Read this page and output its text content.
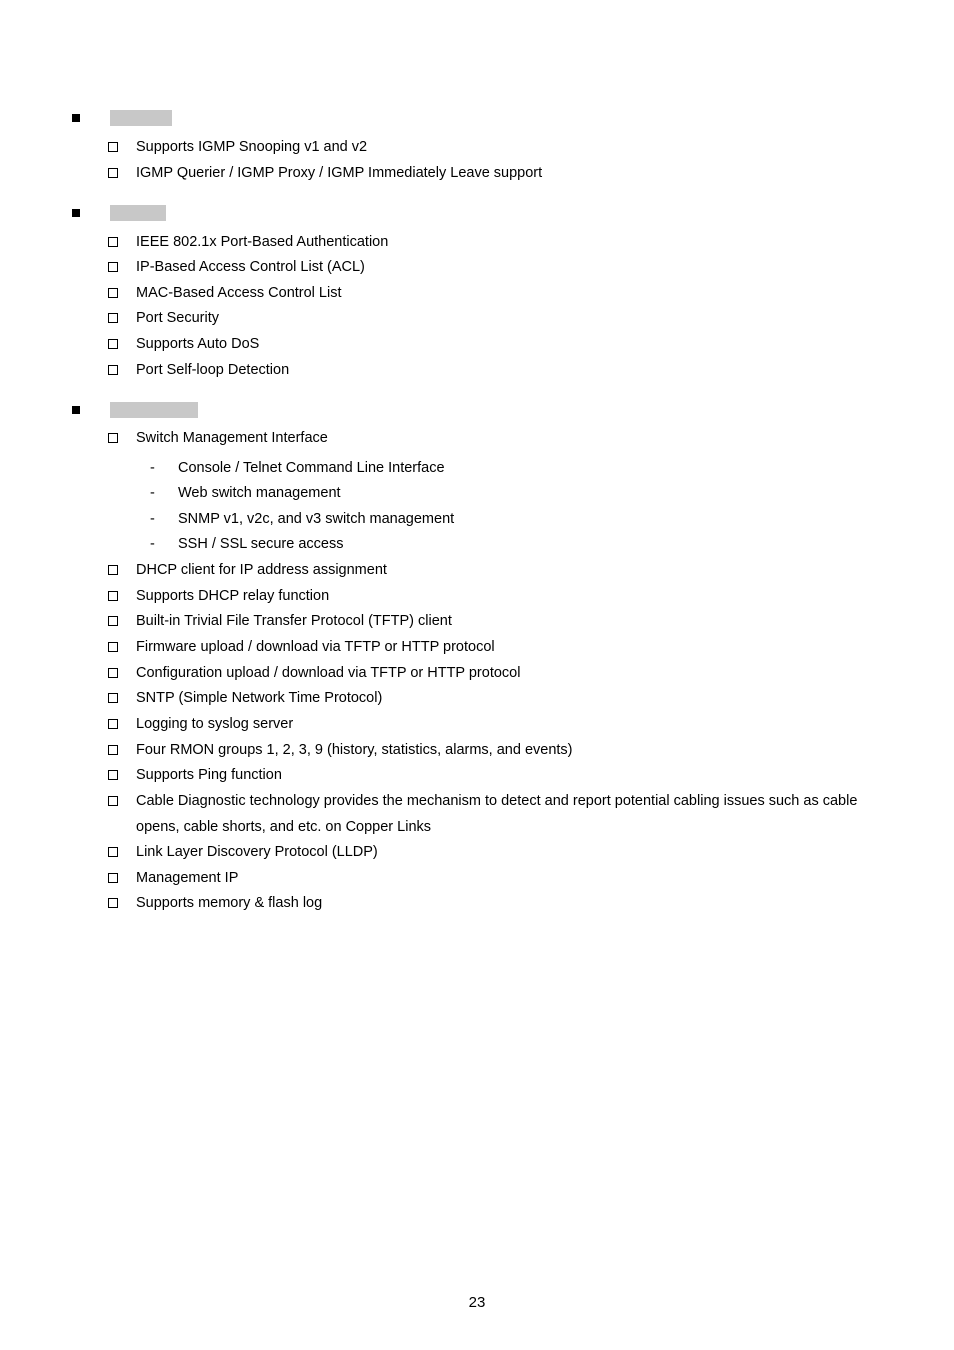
Supports IGMP Snooping v1 and v2
IGMP Querier / IGMP Proxy / IGMP Immediately Leave support
IEEE 802.1x Port-Based Authentication
IP-Based Access Control List (ACL)
MAC-Based Access Control List
Port Security
Supports Auto DoS
Port Self-loop Detection
Switch Management Interface
- Console / Telnet Command Line Interface
- Web switch management
- SNMP v1, v2c, and v3 switch management
- SSH / SSL secure access
DHCP client for IP address assignment
Supports DHCP relay function
Built-in Trivial File Transfer Protocol (TFTP) client
Firmware upload / download via TFTP or HTTP protocol
Configuration upload / download via TFTP or HTTP protocol
SNTP (Simple Network Time Protocol)
Logging to syslog server
Four RMON groups 1, 2, 3, 9 (history, statistics, alarms, and events)
Supports Ping function
Cable Diagnostic technology provides the mechanism to detect and report potential cabling issues such as cable
opens, cable shorts, and etc. on Copper Links
Link Layer Discovery Protocol (LLDP)
Management IP
Supports memory & flash log
23
